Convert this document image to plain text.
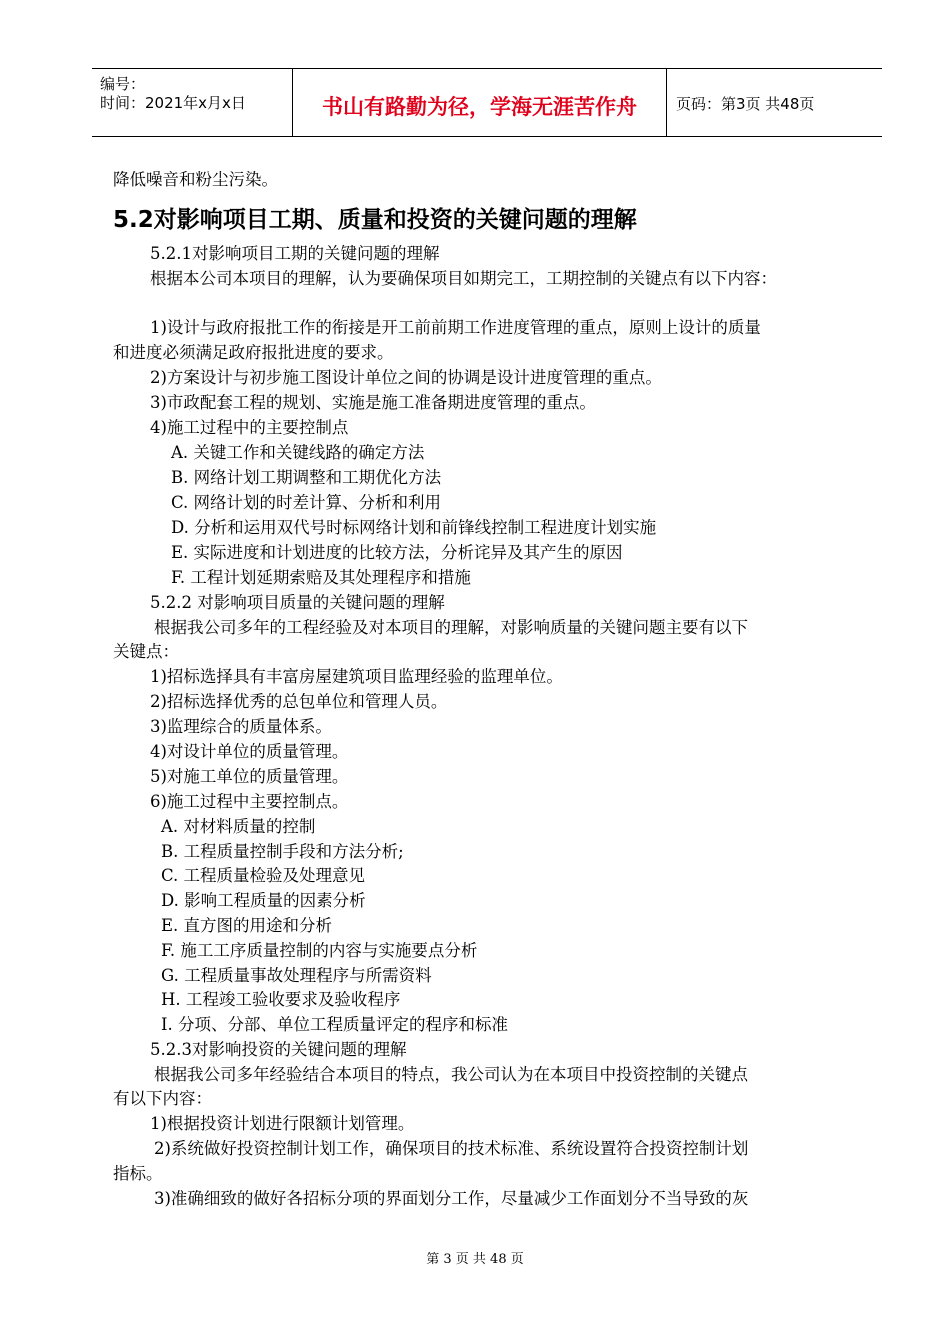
编号：
时间：2021年x月x日	书山有路勤为径，学海无涯苦作舟	页码：第3页 共48页
降低噪音和粉尘污染。
5.2对影响项目工期、质量和投资的关键问题的理解
5.2.1对影响项目工期的关键问题的理解
根据本公司本项目的理解，认为要确保项目如期完工，工期控制的关键点有以下内容：
1)设计与政府报批工作的衔接是开工前前期工作进度管理的重点，原则上设计的质量
和进度必须满足政府报批进度的要求。
2)方案设计与初步施工图设计单位之间的协调是设计进度管理的重点。
3)市政配套工程的规划、实施是施工准备期进度管理的重点。
4)施工过程中的主要控制点
A. 关键工作和关键线路的确定方法
B. 网络计划工期调整和工期优化方法
C. 网络计划的时差计算、分析和利用
D. 分析和运用双代号时标网络计划和前锋线控制工程进度计划实施
E. 实际进度和计划进度的比较方法，分析诧异及其产生的原因
F. 工程计划延期索赔及其处理程序和措施
5.2.2 对影响项目质量的关键问题的理解
根据我公司多年的工程经验及对本项目的理解，对影响质量的关键问题主要有以下
关键点：
1)招标选择具有丰富房屋建筑项目监理经验的监理单位。
2)招标选择优秀的总包单位和管理人员。
3)监理综合的质量体系。
4)对设计单位的质量管理。
5)对施工单位的质量管理。
6)施工过程中主要控制点。
A. 对材料质量的控制
B. 工程质量控制手段和方法分析;
C. 工程质量检验及处理意见
D. 影响工程质量的因素分析
E. 直方图的用途和分析
F. 施工工序质量控制的内容与实施要点分析
G. 工程质量事故处理程序与所需资料
H. 工程竣工验收要求及验收程序
I. 分项、分部、单位工程质量评定的程序和标准
5.2.3对影响投资的关键问题的理解
根据我公司多年经验结合本项目的特点，我公司认为在本项目中投资控制的关键点
有以下内容：
1)根据投资计划进行限额计划管理。
2)系统做好投资控制计划工作，确保项目的技术标准、系统设置符合投资控制计划
指标。
3)准确细致的做好各招标分项的界面划分工作，尽量减少工作面划分不当导致的灰
第 3 页 共 48 页
